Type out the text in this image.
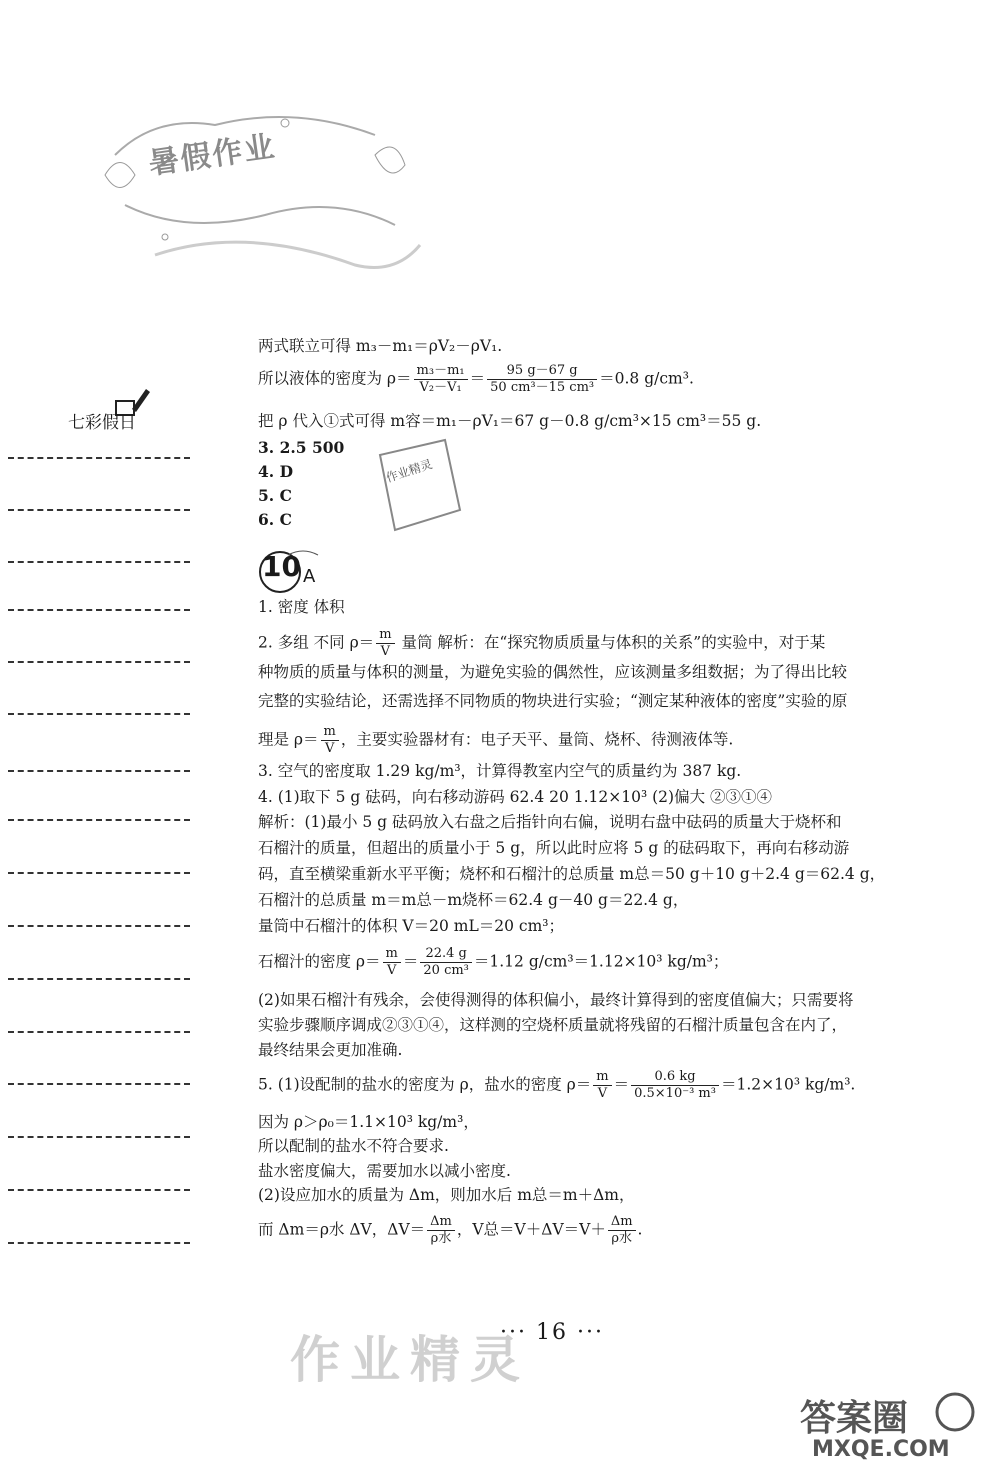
暑假作业
七彩假日
两式联立可得 m₃－m₁＝ρV₂－ρV₁.
所以液体的密度为 $\rho= \frac{\text{m₃－m₁}}{\text{V₂－V₁}} = \frac{95 g-67 g}{\text{50 cm³－15 cm³}} =0.8$ g/cm³.
把 ρ 代入①式可得 m容＝m₁－ρV₁＝67 g－0.8 g/cm³×15 cm³＝55 g.
3. 2.5 500
4. D
5. C
6. C
作业精灵
10 A
1. 密度 体积
2. 多组 不同 $\rho= \frac{m}{V}$ 量筒 解析：在“探究物质质量与体积的关系”的实验中，对于某
种物质的质量与体积的测量，为避免实验的偶然性，应该测量多组数据；为了得出比较
完整的实验结论，还需选择不同物质的物块进行实验；“测定某种液体的密度”实验的原
理是 $\rho= \frac{m}{V}$ ，主要实验器材有：电子天平、量筒、烧杯、待测液体等.
3. 空气的密度取 1.29 kg/m³，计算得教室内空气的质量约为 387 kg.
4. (1)取下 5 g 砝码，向右移动游码 62.4 20 1.12×10³ (2)偏大 ②③①④
解析：(1)最小 5 g 砝码放入右盘之后指针向右偏，说明右盘中砝码的质量大于烧杯和
石榴汁的质量，但超出的质量小于 5 g，所以此时应将 5 g 的砝码取下，再向右移动游
码，直至横梁重新水平平衡；烧杯和石榴汁的总质量 m总＝50 g＋10 g＋2.4 g＝62.4 g，
石榴汁的总质量 m＝m总－m烧杯＝62.4 g－40 g＝22.4 g，
量筒中石榴汁的体积 V＝20 mL＝20 cm³；
石榴汁的密度 $\rho= \frac{m}{V} = \frac{22.4 g}{\text{20 cm³}} =1.12$ g/cm³＝1.12×10³ kg/m³；
(2)如果石榴汁有残余，会使得测得的体积偏小，最终计算得到的密度值偏大；只需要将
实验步骤顺序调成②③①④，这样测的空烧杯质量就将残留的石榴汁质量包含在内了，
最终结果会更加准确.
5. (1)设配制的盐水的密度为 ρ，盐水的密度 $\rho= \frac{m}{V} = \frac{0.6 kg}{\text{0.5×10⁻³ m³}} =1.2\times 10^3$ kg/m³.
因为 ρ＞ρ₀＝1.1×10³ kg/m³，
所以配制的盐水不符合要求.
盐水密度偏大，需要加水以减小密度.
(2)设应加水的质量为 Δm，则加水后 m总＝m＋Δm，
而 Δm＝ρ水 ΔV，$\Delta V= \frac{\Delta m}{\text{ρ水}}$ ，V总$=V+\Delta V=V+ \frac{\Delta m}{\text{ρ水}}$ .
作业精灵
··· 16 ···
答案圈
MXQE.COM
